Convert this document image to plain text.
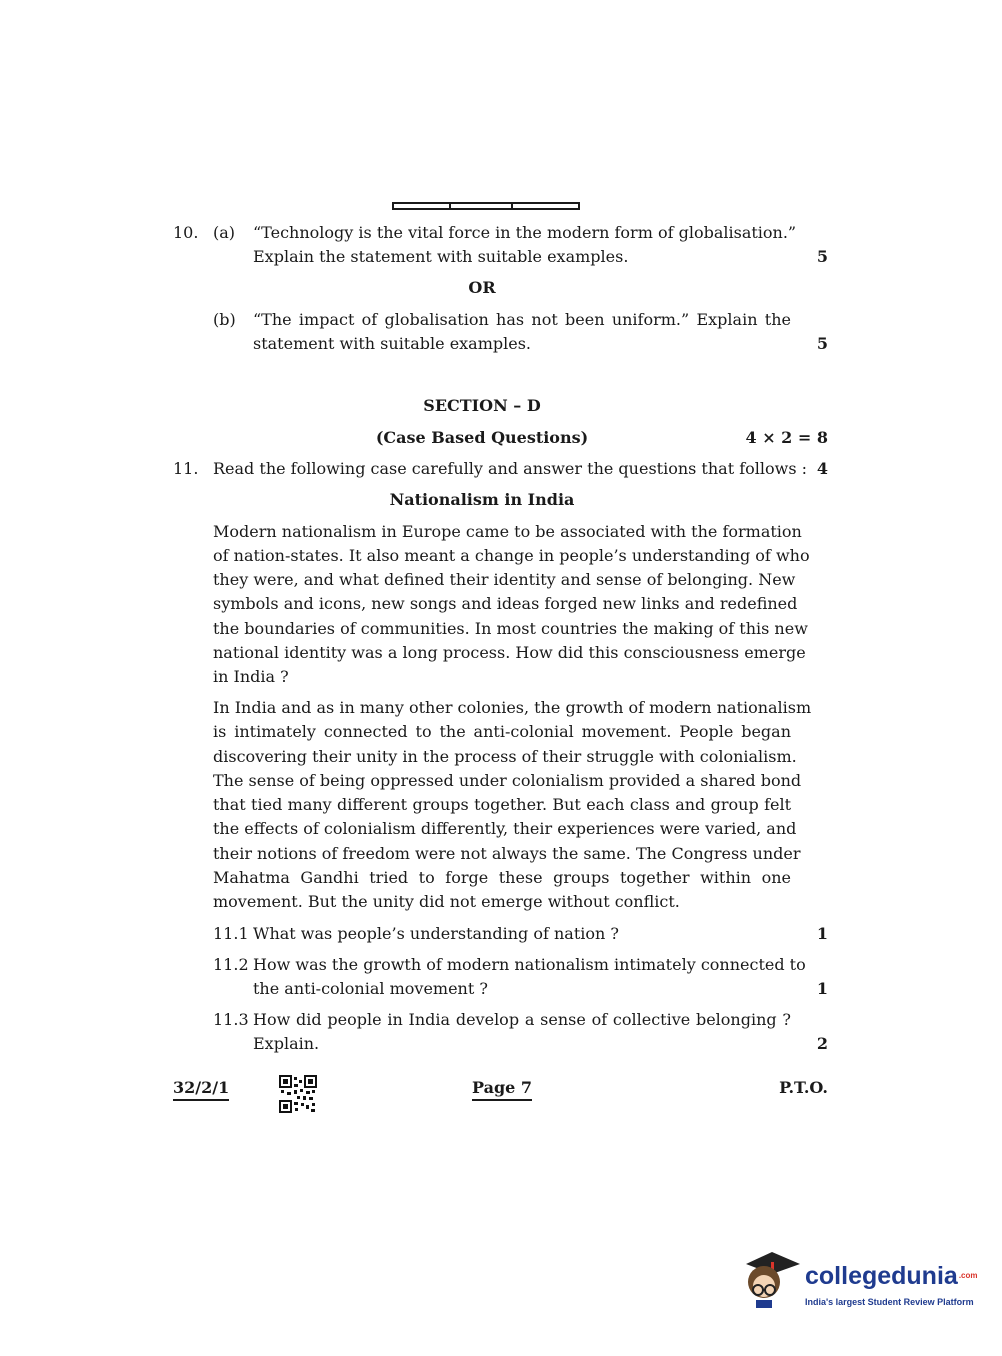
10. (a) “Technology is the vital force in the modern form of globalisation.”
Explain the statement with suitable examples.	5
OR
(b) “The impact of globalisation has not been uniform.” Explain the
statement with suitable examples.	5
SECTION – D
(Case Based Questions)	4 × 2 = 8
11. Read the following case carefully and answer the questions that follows : 4
Nationalism in India
Modern nationalism in Europe came to be associated with the formation
of nation-states. It also meant a change in people’s understanding of who
they were, and what defined their identity and sense of belonging. New
symbols and icons, new songs and ideas forged new links and redefined
the boundaries of communities. In most countries the making of this new
national identity was a long process. How did this consciousness emerge
in India ?
In India and as in many other colonies, the growth of modern nationalism
is intimately connected to the anti-colonial movement. People began
discovering their unity in the process of their struggle with colonialism.
The sense of being oppressed under colonialism provided a shared bond
that tied many different groups together. But each class and group felt
the effects of colonialism differently, their experiences were varied, and
their notions of freedom were not always the same. The Congress under
Mahatma Gandhi tried to forge these groups together within one
movement. But the unity did not emerge without conflict.
11.1 What was people’s understanding of nation ?	1
11.2 How was the growth of modern nationalism intimately connected to
the anti-colonial movement ?	1
11.3 How did people in India develop a sense of collective belonging ?
Explain.	2
32/2/1	Page 7	P.T.O.
collegedunia$^{.com}$
India's largest Student Review Platform
